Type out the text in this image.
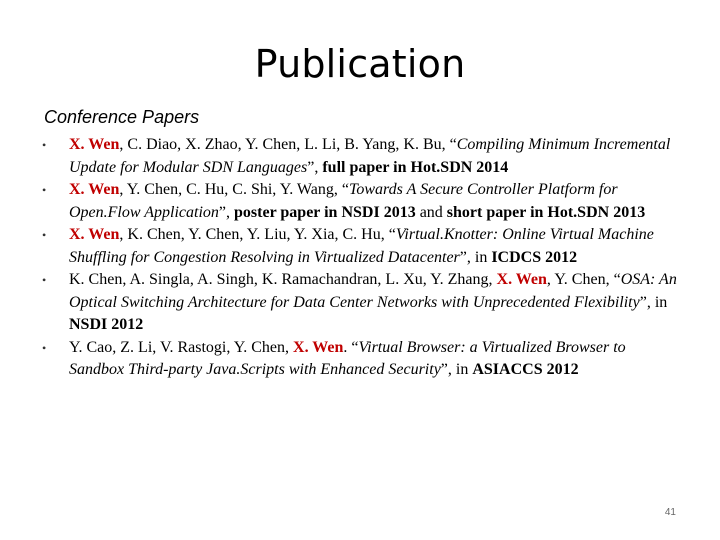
Publication
Conference Papers
• X. Wen, C. Diao, X. Zhao, Y. Chen, L. Li, B. Yang, K. Bu, “Compiling Minimum Incremental Update for Modular SDN Languages”, full paper in Hot.SDN 2014
• X. Wen, Y. Chen, C. Hu, C. Shi, Y. Wang, “Towards A Secure Controller Platform for Open.Flow Application”, poster paper in NSDI 2013 and short paper in Hot.SDN 2013
• X. Wen, K. Chen, Y. Chen, Y. Liu, Y. Xia, C. Hu, “Virtual.Knotter: Online Virtual Machine Shuffling for Congestion Resolving in Virtualized Datacenter”, in ICDCS 2012
• K. Chen, A. Singla, A. Singh, K. Ramachandran, L. Xu, Y. Zhang, X. Wen, Y. Chen, “OSA: An Optical Switching Architecture for Data Center Networks with Unprecedented Flexibility”, in NSDI 2012
• Y. Cao, Z. Li, V. Rastogi, Y. Chen, X. Wen. “Virtual Browser: a Virtualized Browser to Sandbox Third-party Java.Scripts with Enhanced Security”, in ASIACCS 2012
41
